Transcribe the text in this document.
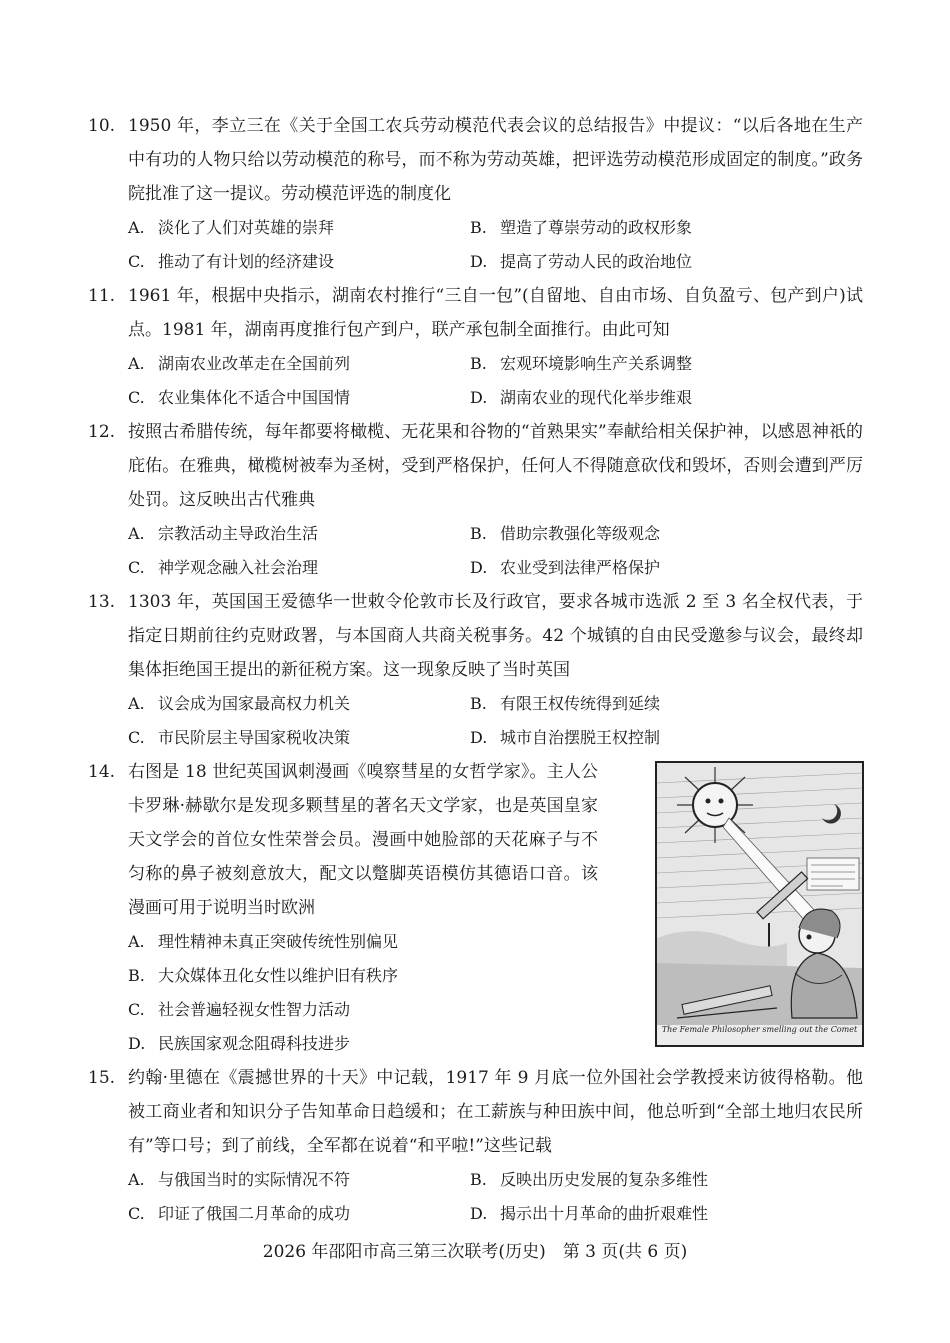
10. 1950 年，李立三在《关于全国工农兵劳动模范代表会议的总结报告》中提议：“以后各地在生产中有功的人物只给以劳动模范的称号，而不称为劳动英雄，把评选劳动模范形成固定的制度。”政务院批准了这一提议。劳动模范评选的制度化
A. 淡化了人们对英雄的崇拜	B. 塑造了尊崇劳动的政权形象
C. 推动了有计划的经济建设	D. 提高了劳动人民的政治地位
11. 1961 年，根据中央指示，湖南农村推行“三自一包”(自留地、自由市场、自负盈亏、包产到户)试点。1981 年，湖南再度推行包产到户，联产承包制全面推行。由此可知
A. 湖南农业改革走在全国前列	B. 宏观环境影响生产关系调整
C. 农业集体化不适合中国国情	D. 湖南农业的现代化举步维艰
12. 按照古希腊传统，每年都要将橄榄、无花果和谷物的“首熟果实”奉献给相关保护神，以感恩神祇的庇佑。在雅典，橄榄树被奉为圣树，受到严格保护，任何人不得随意砍伐和毁坏，否则会遭到严厉处罚。这反映出古代雅典
A. 宗教活动主导政治生活	B. 借助宗教强化等级观念
C. 神学观念融入社会治理	D. 农业受到法律严格保护
13. 1303 年，英国国王爱德华一世敕令伦敦市长及行政官，要求各城市选派 2 至 3 名全权代表，于指定日期前往约克财政署，与本国商人共商关税事务。42 个城镇的自由民受邀参与议会，最终却集体拒绝国王提出的新征税方案。这一现象反映了当时英国
A. 议会成为国家最高权力机关	B. 有限王权传统得到延续
C. 市民阶层主导国家税收决策	D. 城市自治摆脱王权控制
14. 右图是 18 世纪英国讽刺漫画《嗅察彗星的女哲学家》。主人公卡罗琳·赫歇尔是发现多颗彗星的著名天文学家，也是英国皇家天文学会的首位女性荣誉会员。漫画中她脸部的天花麻子与不匀称的鼻子被刻意放大，配文以蹩脚英语模仿其德语口音。该漫画可用于说明当时欧洲
A. 理性精神未真正突破传统性别偏见
B. 大众媒体丑化女性以维护旧有秩序
C. 社会普遍轻视女性智力活动
D. 民族国家观念阻碍科技进步
The Female Philosopher smelling out the Comet
15. 约翰·里德在《震撼世界的十天》中记载，1917 年 9 月底一位外国社会学教授来访彼得格勒。他被工商业者和知识分子告知革命日趋缓和；在工薪族与种田族中间，他总听到“全部土地归农民所有”等口号；到了前线，全军都在说着“和平啦!”这些记载
A. 与俄国当时的实际情况不符	B. 反映出历史发展的复杂多维性
C. 印证了俄国二月革命的成功	D. 揭示出十月革命的曲折艰难性
2026 年邵阳市高三第三次联考(历史)　第 3 页(共 6 页)
